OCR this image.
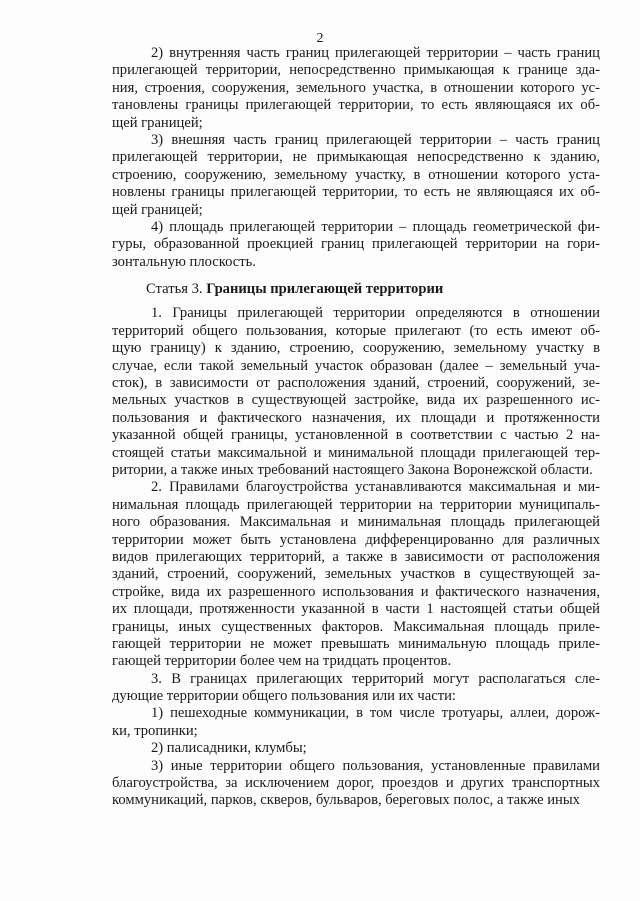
2
2) внутренняя часть границ прилегающей территории – часть границ
прилегающей территории, непосредственно примыкающая к границе зда-
ния, строения, сооружения, земельного участка, в отношении которого ус-
тановлены границы прилегающей территории, то есть являющаяся их об-
щей границей;
3) внешняя часть границ прилегающей территории – часть границ
прилегающей территории, не примыкающая непосредственно к зданию,
строению, сооружению, земельному участку, в отношении которого уста-
новлены границы прилегающей территории, то есть не являющаяся их об-
щей границей;
4) площадь прилегающей территории – площадь геометрической фи-
гуры, образованной проекцией границ прилегающей территории на гори-
зонтальную плоскость.
Статья 3. Границы прилегающей территории
1. Границы прилегающей территории определяются в отношении
территорий общего пользования, которые прилегают (то есть имеют об-
щую границу) к зданию, строению, сооружению, земельному участку в
случае, если такой земельный участок образован (далее – земельный уча-
сток), в зависимости от расположения зданий, строений, сооружений, зе-
мельных участков в существующей застройке, вида их разрешенного ис-
пользования и фактического назначения, их площади и протяженности
указанной общей границы, установленной в соответствии с частью 2 на-
стоящей статьи максимальной и минимальной площади прилегающей тер-
ритории, а также иных требований настоящего Закона Воронежской области.
2. Правилами благоустройства устанавливаются максимальная и ми-
нимальная площадь прилегающей территории на территории муниципаль-
ного образования. Максимальная и минимальная площадь прилегающей
территории может быть установлена дифференцированно для различных
видов прилегающих территорий, а также в зависимости от расположения
зданий, строений, сооружений, земельных участков в существующей за-
стройке, вида их разрешенного использования и фактического назначения,
их площади, протяженности указанной в части 1 настоящей статьи общей
границы, иных существенных факторов. Максимальная площадь приле-
гающей территории не может превышать минимальную площадь приле-
гающей территории более чем на тридцать процентов.
3. В границах прилегающих территорий могут располагаться сле-
дующие территории общего пользования или их части:
1) пешеходные коммуникации, в том числе тротуары, аллеи, дорож-
ки, тропинки;
2) палисадники, клумбы;
3) иные территории общего пользования, установленные правилами
благоустройства, за исключением дорог, проездов и других транспортных
коммуникаций, парков, скверов, бульваров, береговых полос, а также иных
